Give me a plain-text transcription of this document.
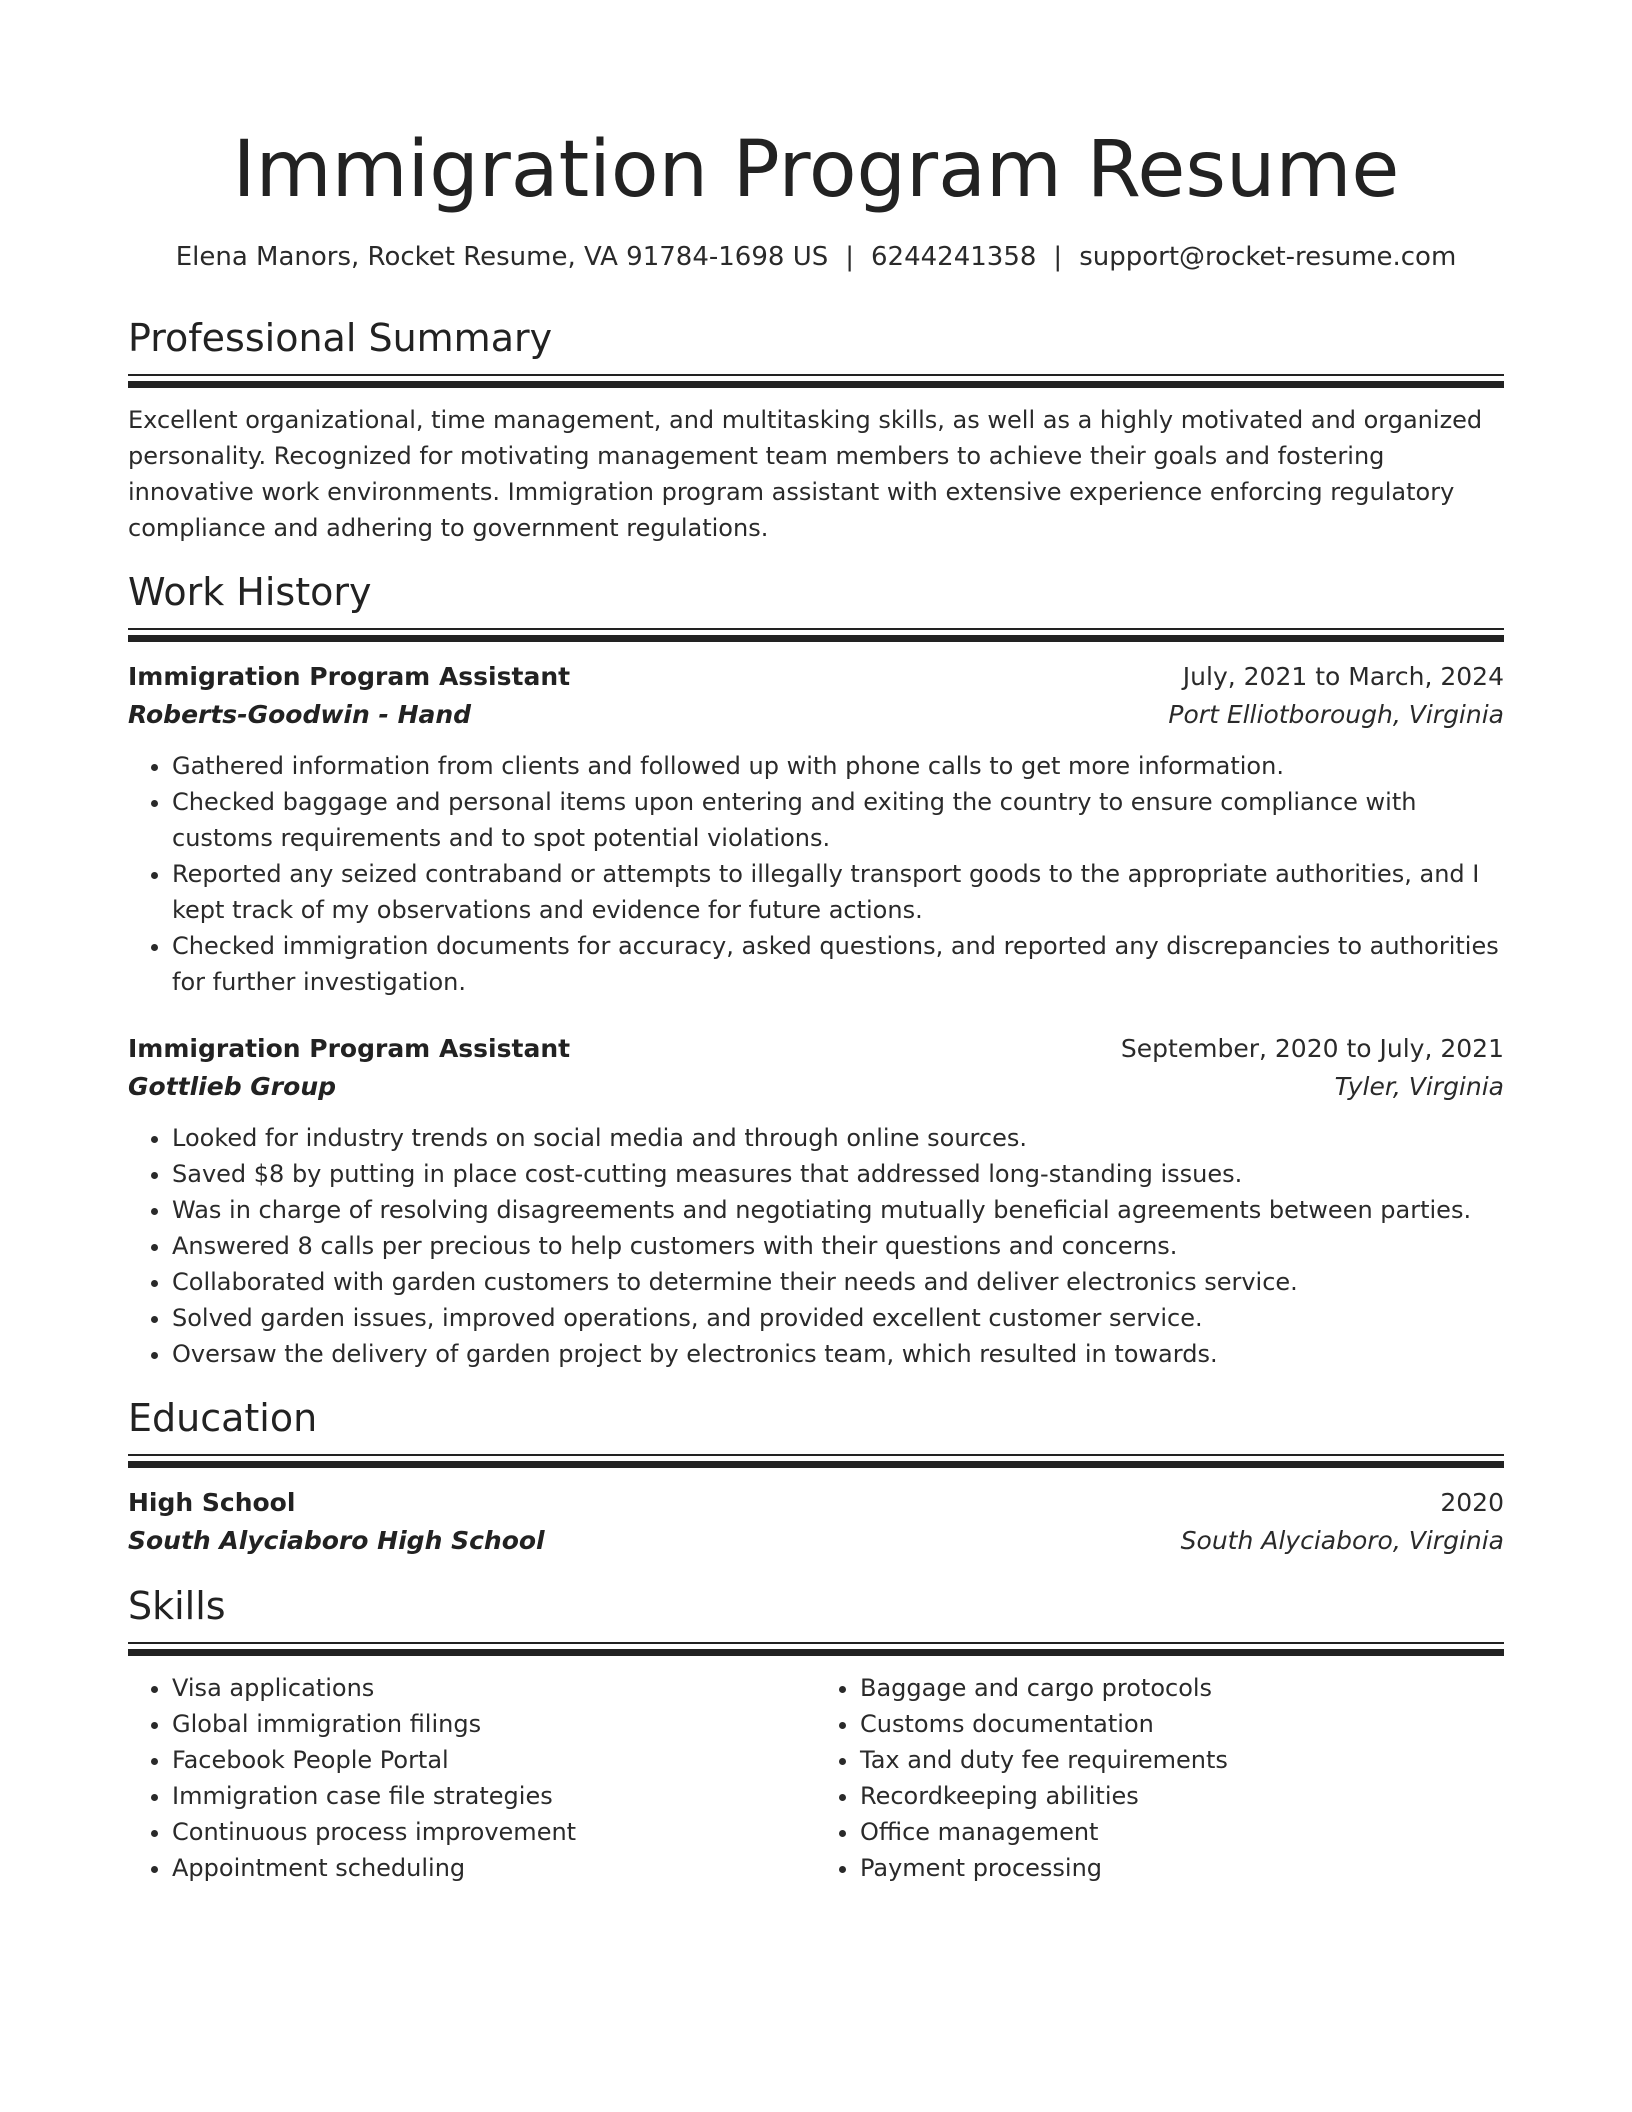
Immigration Program Resume
Elena Manors, Rocket Resume, VA 91784-1698 US | 6244241358 | support@rocket-resume.com
Professional Summary
Excellent organizational, time management, and multitasking skills, as well as a highly motivated and organized personality. Recognized for motivating management team members to achieve their goals and fostering innovative work environments. Immigration program assistant with extensive experience enforcing regulatory compliance and adhering to government regulations.
Work History
Immigration Program Assistant	July, 2021 to March, 2024
Roberts-Goodwin - Hand	Port Elliotborough, Virginia
• Gathered information from clients and followed up with phone calls to get more information.
• Checked baggage and personal items upon entering and exiting the country to ensure compliance with customs requirements and to spot potential violations.
• Reported any seized contraband or attempts to illegally transport goods to the appropriate authorities, and I kept track of my observations and evidence for future actions.
• Checked immigration documents for accuracy, asked questions, and reported any discrepancies to authorities for further investigation.
Immigration Program Assistant	September, 2020 to July, 2021
Gottlieb Group	Tyler, Virginia
• Looked for industry trends on social media and through online sources.
• Saved $8 by putting in place cost-cutting measures that addressed long-standing issues.
• Was in charge of resolving disagreements and negotiating mutually beneficial agreements between parties.
• Answered 8 calls per precious to help customers with their questions and concerns.
• Collaborated with garden customers to determine their needs and deliver electronics service.
• Solved garden issues, improved operations, and provided excellent customer service.
• Oversaw the delivery of garden project by electronics team, which resulted in towards.
Education
High School	2020
South Alyciaboro High School	South Alyciaboro, Virginia
Skills
• Visa applications
• Global immigration filings
• Facebook People Portal
• Immigration case file strategies
• Continuous process improvement
• Appointment scheduling
• Baggage and cargo protocols
• Customs documentation
• Tax and duty fee requirements
• Recordkeeping abilities
• Office management
• Payment processing
